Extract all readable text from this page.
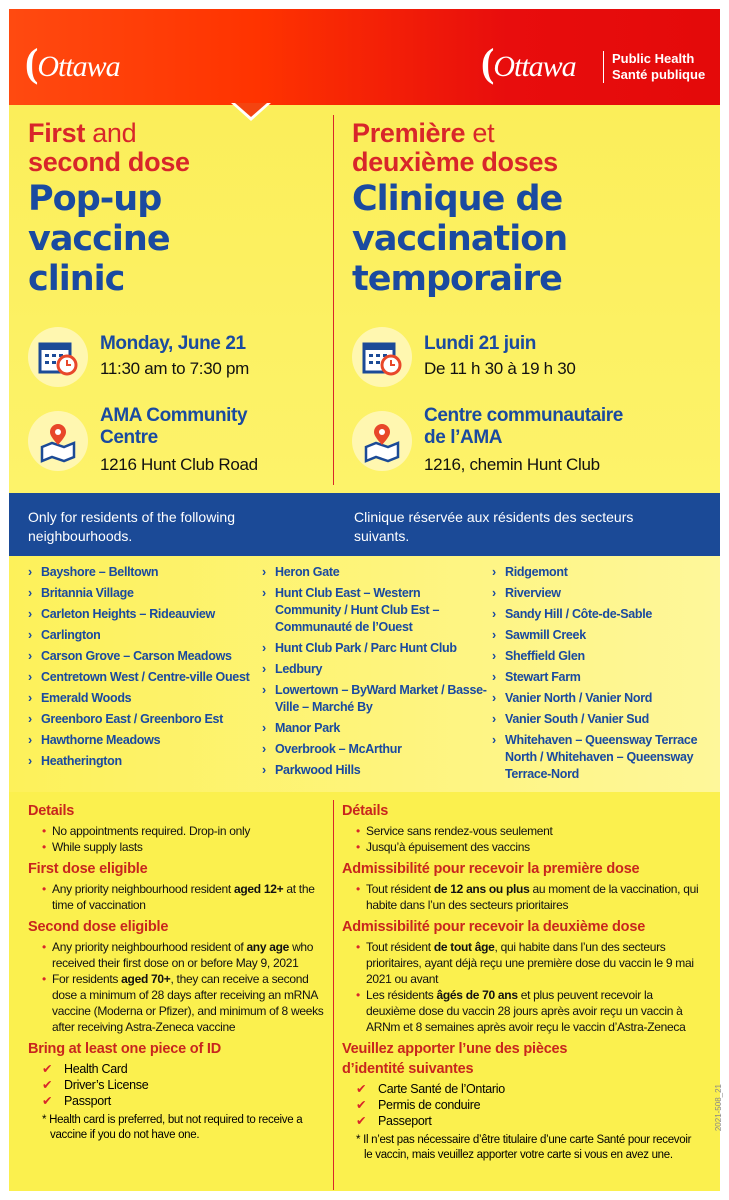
(Ottawa	(Ottawa	Public Health
Santé publique
First and
second dose
Pop-up
vaccine
clinic
Première et
deuxième doses
Clinique de
vaccination
temporaire
Monday, June 21
11:30 am to 7:30 pm
Lundi 21 juin
De 11 h 30 à 19 h 30
AMA Community
Centre
1216 Hunt Club Road
Centre communautaire
de l’AMA
1216, chemin Hunt Club
Only for residents of the following neighbourhoods.
Clinique réservée aux résidents des secteurs suivants.
› Bayshore – Belltown
› Britannia Village
› Carleton Heights – Rideauview
› Carlington
› Carson Grove – Carson Meadows
› Centretown West / Centre-ville Ouest
› Emerald Woods
› Greenboro East / Greenboro Est
› Hawthorne Meadows
› Heatherington
› Heron Gate
› Hunt Club East – Western Community / Hunt Club Est – Communauté de l’Ouest
› Hunt Club Park / Parc Hunt Club
› Ledbury
› Lowertown – ByWard Market / Basse-Ville – Marché By
› Manor Park
› Overbrook – McArthur
› Parkwood Hills
› Ridgemont
› Riverview
› Sandy Hill / Côte-de-Sable
› Sawmill Creek
› Sheffield Glen
› Stewart Farm
› Vanier North / Vanier Nord
› Vanier South / Vanier Sud
› Whitehaven – Queensway Terrace North / Whitehaven – Queensway Terrace-Nord
Details
• No appointments required. Drop-in only
• While supply lasts
First dose eligible
• Any priority neighbourhood resident aged 12+ at the time of vaccination
Second dose eligible
• Any priority neighbourhood resident of any age who received their first dose on or before May 9, 2021
• For residents aged 70+, they can receive a second dose a minimum of 28 days after receiving an mRNA vaccine (Moderna or Pfizer), and minimum of 8 weeks after receiving Astra-Zeneca vaccine
Bring at least one piece of ID
✔ Health Card
✔ Driver’s License
✔ Passport
* Health card is preferred, but not required to receive a vaccine if you do not have one.
Détails
• Service sans rendez-vous seulement
• Jusqu’à épuisement des vaccins
Admissibilité pour recevoir la première dose
• Tout résident de 12 ans ou plus au moment de la vaccination, qui habite dans l’un des secteurs prioritaires
Admissibilité pour recevoir la deuxième dose
• Tout résident de tout âge, qui habite dans l’un des secteurs prioritaires, ayant déjà reçu une première dose du vaccin le 9 mai 2021 ou avant
• Les résidents âgés de 70 ans et plus peuvent recevoir la deuxième dose du vaccin 28 jours après avoir reçu un vaccin à ARNm et 8 semaines après avoir reçu le vaccin d’Astra-Zeneca
Veuillez apporter l’une des pièces d’identité suivantes
✔ Carte Santé de l’Ontario
✔ Permis de conduire
✔ Passeport
* Il n’est pas nécessaire d’être titulaire d’une carte Santé pour recevoir le vaccin, mais veuillez apporter votre carte si vous en avez une.
2021-508_21
